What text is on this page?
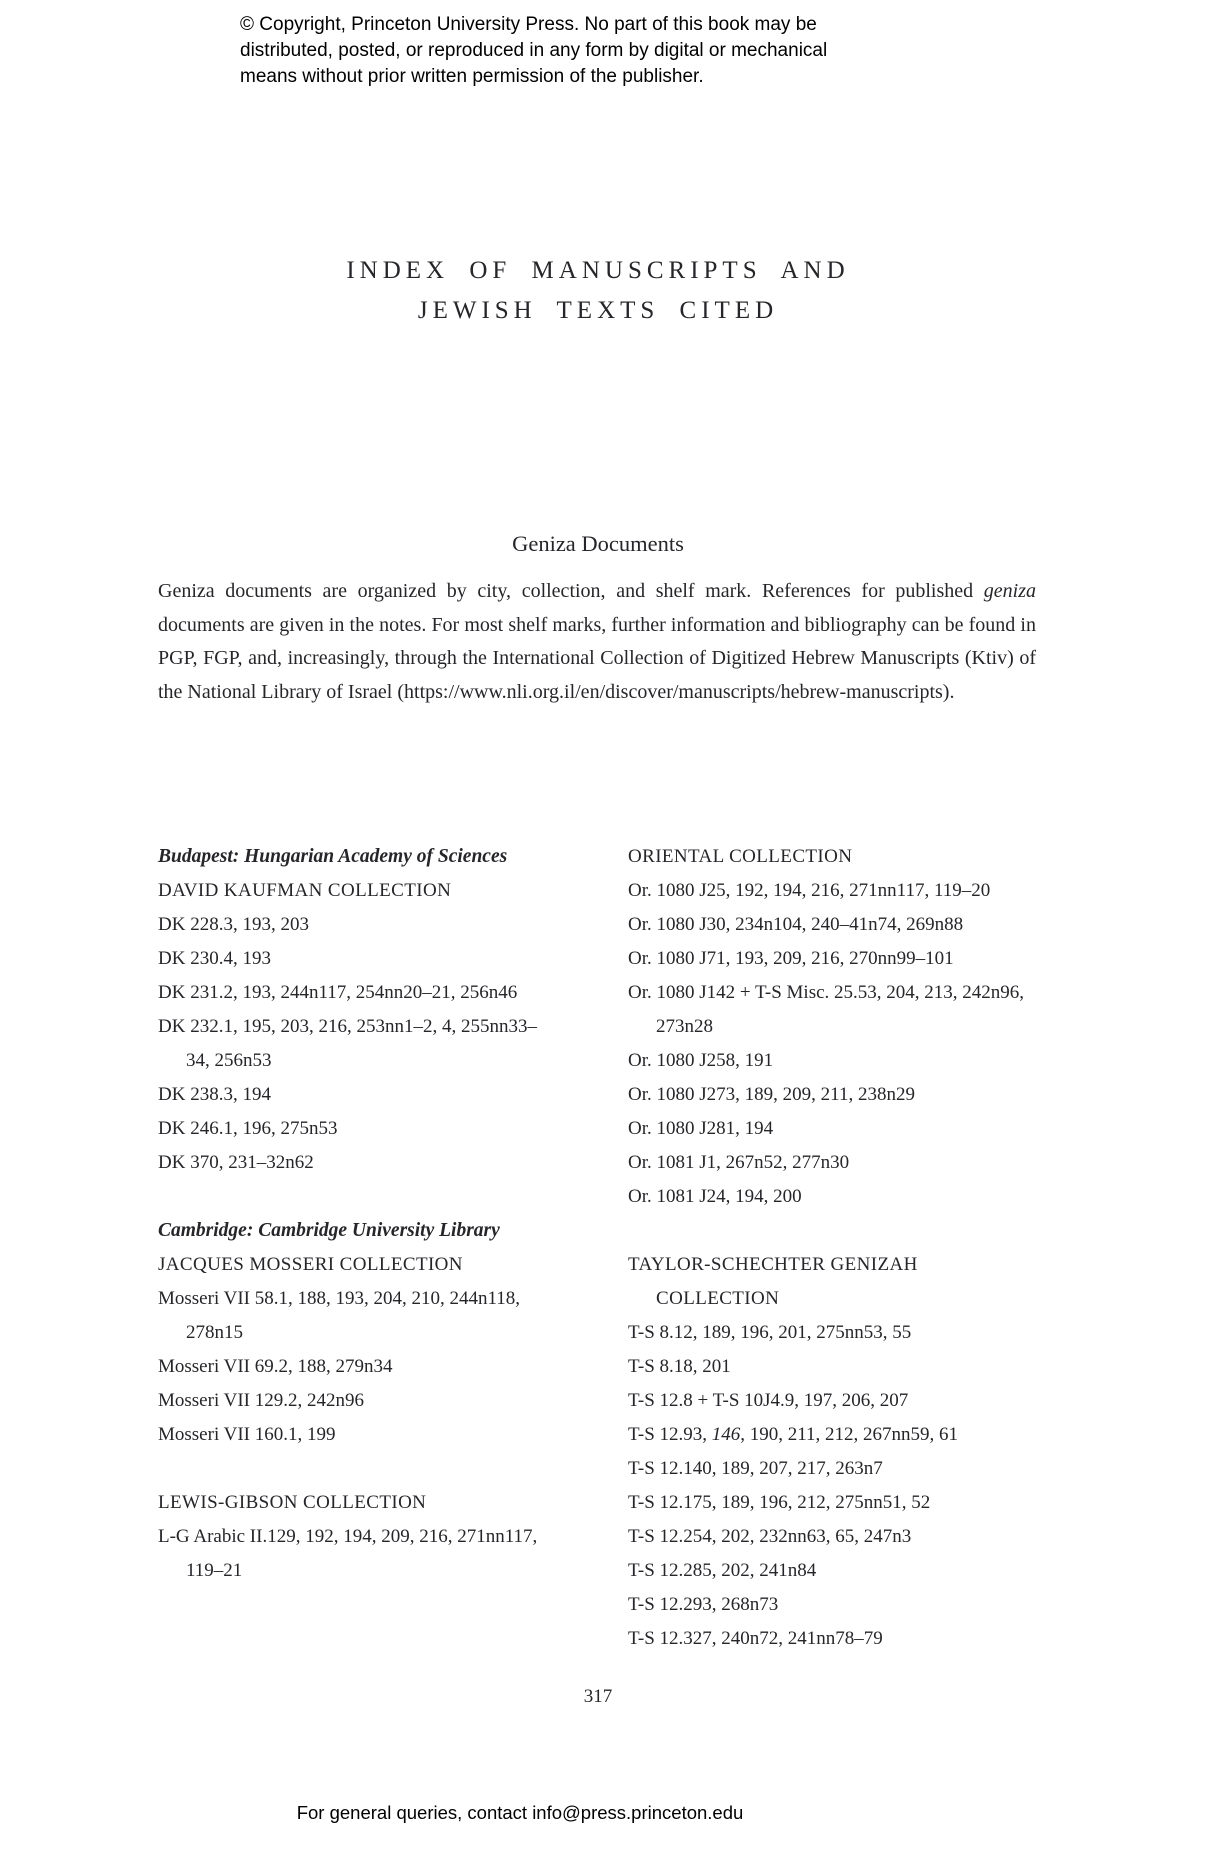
© Copyright, Princeton University Press. No part of this book may be
distributed, posted, or reproduced in any form by digital or mechanical
means without prior written permission of the publisher.
INDEX OF MANUSCRIPTS AND
JEWISH TEXTS CITED
Geniza Documents

Geniza documents are organized by city, collection, and shelf mark. References for published geniza documents are given in the notes. For most shelf marks, further information and bibliography can be found in PGP, FGP, and, increasingly, through the International Collection of Digitized Hebrew Manuscripts (Ktiv) of the National Library of Israel (https://www.nli.org.il/en/discover/manuscripts/hebrew-manuscripts).

Budapest: Hungarian Academy of Sciences
DAVID KAUFMAN COLLECTION
DK 228.3, 193, 203
DK 230.4, 193
DK 231.2, 193, 244n117, 254nn20–21, 256n46
DK 232.1, 195, 203, 216, 253nn1–2, 4, 255nn33–34, 256n53
DK 238.3, 194
DK 246.1, 196, 275n53
DK 370, 231–32n62
Cambridge: Cambridge University Library
JACQUES MOSSERI COLLECTION
Mosseri VII 58.1, 188, 193, 204, 210, 244n118, 278n15
Mosseri VII 69.2, 188, 279n34
Mosseri VII 129.2, 242n96
Mosseri VII 160.1, 199
LEWIS-GIBSON COLLECTION
L-G Arabic II.129, 192, 194, 209, 216, 271nn117, 119–21
ORIENTAL COLLECTION
Or. 1080 J25, 192, 194, 216, 271nn117, 119–20
Or. 1080 J30, 234n104, 240–41n74, 269n88
Or. 1080 J71, 193, 209, 216, 270nn99–101
Or. 1080 J142 + T-S Misc. 25.53, 204, 213, 242n96, 273n28
Or. 1080 J258, 191
Or. 1080 J273, 189, 209, 211, 238n29
Or. 1080 J281, 194
Or. 1081 J1, 267n52, 277n30
Or. 1081 J24, 194, 200
TAYLOR-SCHECHTER GENIZAH COLLECTION
T-S 8.12, 189, 196, 201, 275nn53, 55
T-S 8.18, 201
T-S 12.8 + T-S 10J4.9, 197, 206, 207
T-S 12.93, 146, 190, 211, 212, 267nn59, 61
T-S 12.140, 189, 207, 217, 263n7
T-S 12.175, 189, 196, 212, 275nn51, 52
T-S 12.254, 202, 232nn63, 65, 247n3
T-S 12.285, 202, 241n84
T-S 12.293, 268n73
T-S 12.327, 240n72, 241nn78–79
317
For general queries, contact info@press.princeton.edu
